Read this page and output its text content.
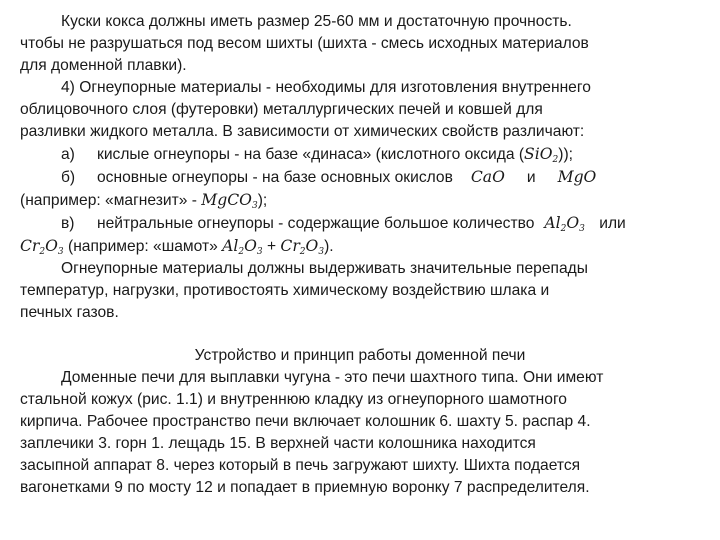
Куски кокса должны иметь размер 25-60 мм и достаточную прочность.
чтобы не разрушаться под весом шихты (шихта - смесь исходных материалов
для доменной плавки).
4) Огнеупорные материалы - необходимы для изготовления внутреннего
облицовочного слоя (футеровки) металлургических печей и ковшей для
разливки жидкого металла. В зависимости от химических свойств различают:
а) кислые огнеупоры - на базе «динаса» (кислотного оксида (SiO$_2$));
б) основные огнеупоры - на базе основных окислов CaO и MgO
(например: «магнезит» - MgCO$_3$);
в) нейтральные огнеупоры - содержащие большое количество $Al_2O_3$ или
$Cr_2O_3$ (например: «шамот» $Al_2O_3 + Cr_2O_3$).
Огнеупорные материалы должны выдерживать значительные перепады
температур, нагрузки, противостоять химическому воздействию шлака и
печных газов.
Устройство и принцип работы доменной печи
Доменные печи для выплавки чугуна - это печи шахтного типа. Они имеют
стальной кожух (рис. 1.1) и внутреннюю кладку из огнеупорного шамотного
кирпича. Рабочее пространство печи включает колошник 6. шахту 5. распар 4.
заплечики 3. горн 1. лещадь 15. В верхней части колошника находится
засыпной аппарат 8. через который в печь загружают шихту. Шихта подается
вагонетками 9 по мосту 12 и попадает в приемную воронку 7 распределителя.
